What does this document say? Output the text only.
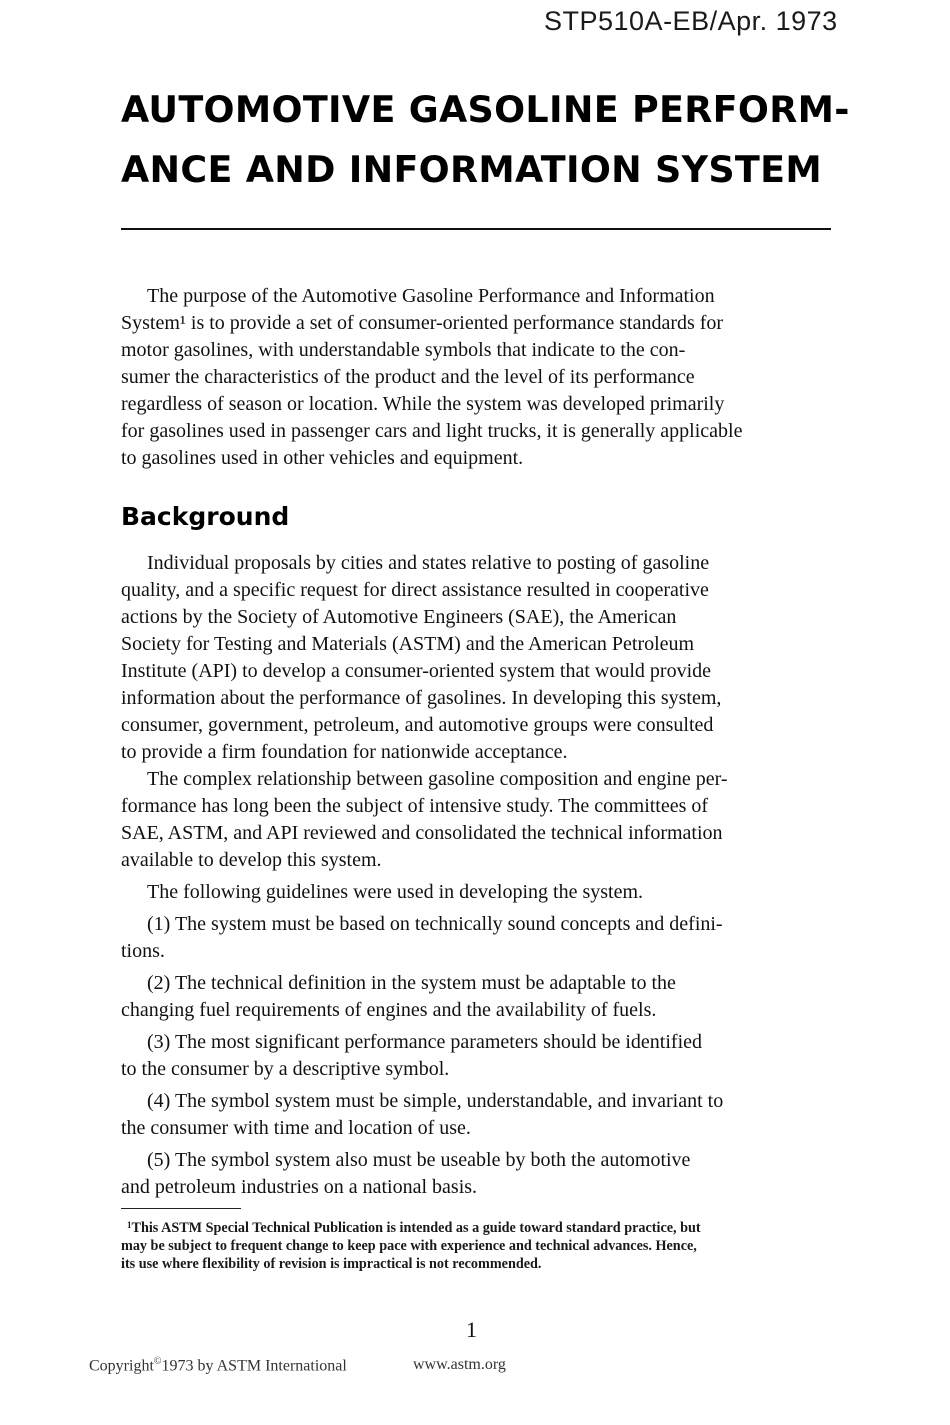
STP510A-EB/Apr. 1973
AUTOMOTIVE GASOLINE PERFORM-
ANCE AND INFORMATION SYSTEM

The purpose of the Automotive Gasoline Performance and Information
System¹ is to provide a set of consumer-oriented performance standards for
motor gasolines, with understandable symbols that indicate to the con-
sumer the characteristics of the product and the level of its performance
regardless of season or location. While the system was developed primarily
for gasolines used in passenger cars and light trucks, it is generally applicable
to gasolines used in other vehicles and equipment.

Background

Individual proposals by cities and states relative to posting of gasoline
quality, and a specific request for direct assistance resulted in cooperative
actions by the Society of Automotive Engineers (SAE), the American
Society for Testing and Materials (ASTM) and the American Petroleum
Institute (API) to develop a consumer-oriented system that would provide
information about the performance of gasolines. In developing this system,
consumer, government, petroleum, and automotive groups were consulted
to provide a firm foundation for nationwide acceptance.

The complex relationship between gasoline composition and engine per-
formance has long been the subject of intensive study. The committees of
SAE, ASTM, and API reviewed and consolidated the technical information
available to develop this system.

The following guidelines were used in developing the system.

(1) The system must be based on technically sound concepts and defini-
tions.

(2) The technical definition in the system must be adaptable to the
changing fuel requirements of engines and the availability of fuels.

(3) The most significant performance parameters should be identified
to the consumer by a descriptive symbol.

(4) The symbol system must be simple, understandable, and invariant to
the consumer with time and location of use.

(5) The symbol system also must be useable by both the automotive
and petroleum industries on a national basis.

$^1$This ASTM Special Technical Publication is intended as a guide toward standard practice, but
may be subject to frequent change to keep pace with experience and technical advances. Hence,
its use where flexibility of revision is impractical is not recommended.

1
Copyright©1973 by ASTM International	www.astm.org
